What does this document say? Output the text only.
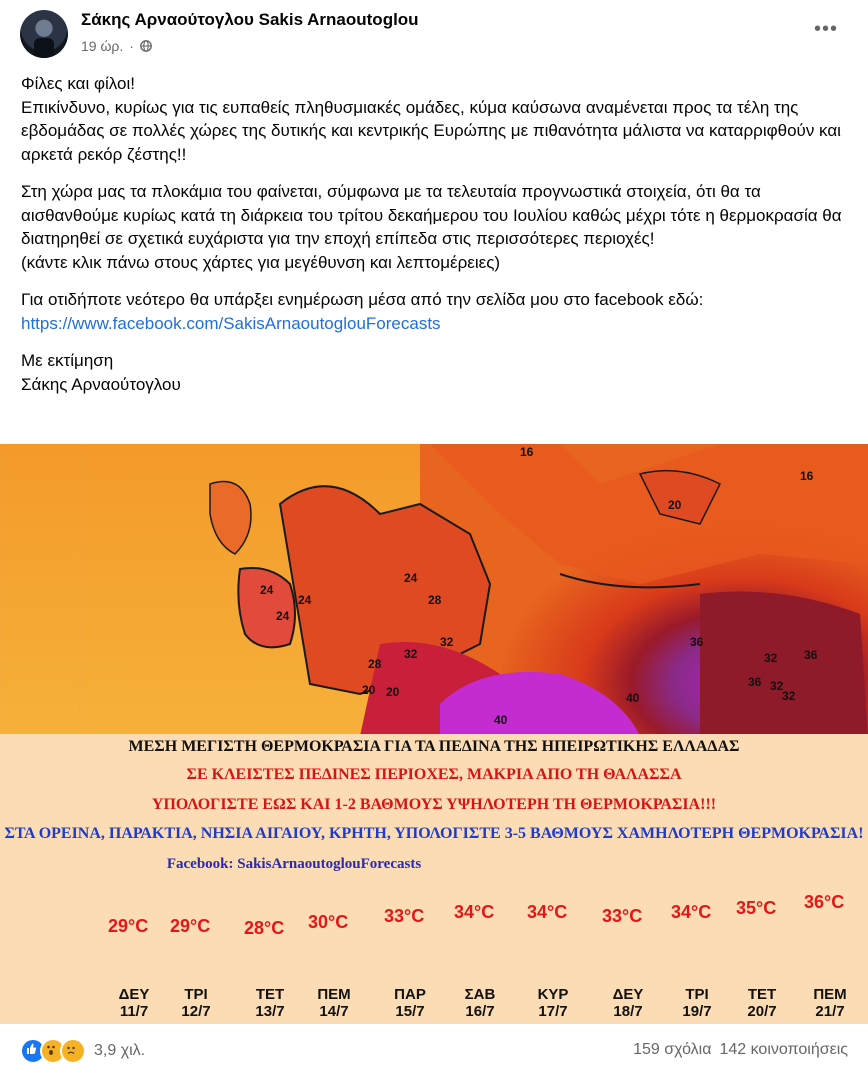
Σάκης Αρναούτογλου Sakis Arnaoutoglou
19 ώρ. ·
•••

Φίλες και φίλοι!
Επικίνδυνο, κυρίως για τις ευπαθείς πληθυσμιακές ομάδες, κύμα καύσωνα αναμένεται προς τα τέλη της εβδομάδας σε πολλές χώρες της δυτικής και κεντρικής Ευρώπης με πιθανότητα μάλιστα να καταρριφθούν και αρκετά ρεκόρ ζέστης!!

Στη χώρα μας τα πλοκάμια του φαίνεται, σύμφωνα με τα τελευταία προγνωστικά στοιχεία, ότι θα τα αισθανθούμε κυρίως κατά τη διάρκεια του τρίτου δεκαήμερου του Ιουλίου καθώς μέχρι τότε η θερμοκρασία θα διατηρηθεί σε σχετικά ευχάριστα για την εποχή επίπεδα στις περισσότερες περιοχές!
(κάντε κλικ πάνω στους χάρτες για μεγέθυνση και λεπτομέρειες)

Για οτιδήποτε νεότερο θα υπάρξει ενημέρωση μέσα από την σελίδα μου στο facebook εδώ:
https://www.facebook.com/SakisArnaoutoglouForecasts

Με εκτίμηση
Σάκης Αρναούτογλου

16
20
16
24
24
24
24
28
32
32
28
20 20	40
40
36
32 36
36 32
32
ΜΕΣΗ ΜΕΓΙΣΤΗ ΘΕΡΜΟΚΡΑΣΙΑ ΓΙΑ ΤΑ ΠΕΔΙΝΑ ΤΗΣ ΗΠΕΙΡΩΤΙΚΗΣ ΕΛΛΑΔΑΣ
ΣΕ ΚΛΕΙΣΤΕΣ ΠΕΔΙΝΕΣ ΠΕΡΙΟΧΕΣ, ΜΑΚΡΙΑ ΑΠΟ ΤΗ ΘΑΛΑΣΣΑ
ΥΠΟΛΟΓΙΣΤΕ ΕΩΣ ΚΑΙ 1-2 ΒΑΘΜΟΥΣ ΥΨΗΛΟΤΕΡΗ ΤΗ ΘΕΡΜΟΚΡΑΣΙΑ!!!
ΣΤΑ ΟΡΕΙΝΑ, ΠΑΡΑΚΤΙΑ, ΝΗΣΙΑ ΑΙΓΑΙΟΥ, ΚΡΗΤΗ, ΥΠΟΛΟΓΙΣΤΕ 3-5 ΒΑΘΜΟΥΣ ΧΑΜΗΛΟΤΕΡΗ ΘΕΡΜΟΚΡΑΣΙΑ!
Facebook: SakisArnaoutoglouForecasts
29°C
ΔΕΥ
11/7
29°C
ΤΡΙ
12/7
28°C
ΤΕΤ
13/7
30°C
ΠΕΜ
14/7
33°C
ΠΑΡ
15/7
34°C
ΣΑΒ
16/7
34°C
ΚΥΡ
17/7
33°C
ΔΕΥ
18/7
34°C
ΤΡΙ
19/7
35°C
ΤΕΤ
20/7
36°C
ΠΕΜ
21/7
3,9 χιλ.	159 σχόλια 142 κοινοποιήσεις
